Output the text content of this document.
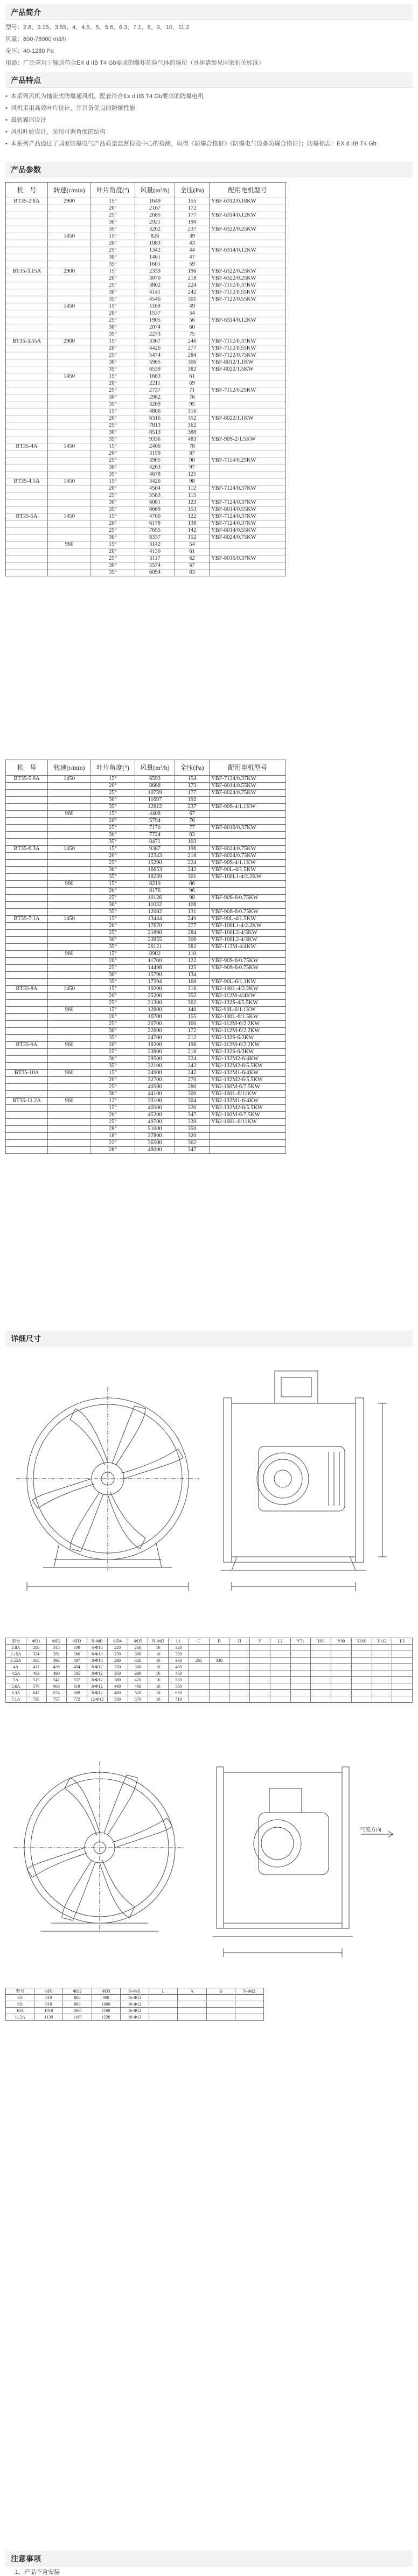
产品简介
型号：2.8、3.15、3.55、4、4.5、5、5.6、6.3、7.1、8、9、10、11.2
风量：800-78000 m3/h
全压：40-1280 Pa
用途：广泛应用于输送符合EX d IIB T4 Gb要求的爆炸危险气体的场所（具体请参见国家相关标准）
产品特点
• 本系列风机为轴流式防爆通风机，配套符合Ex d IIB T4 Gb要求的防爆电机
• 风机采用高效叶片设计，并具备优良的防爆性能
• 最新翼形设计
• 风机叶轮设计，采用可调角度的结构
• 本系列产品通过了国家防爆电气产品质量监督检验中心的检测，取得《防爆合格证》《防爆电气设备防爆合格证》；防爆标志：EX d IIB T4 Gb
产品参数
机　号	转速(r/min)	叶片角度(°)	风量(m³/h)	全压(Pa)	配用电机型号
BT35-2.8A	2900	15°	1649	155	YBF-6312/0.18KW
		20°	2167	172	
		25°	2685	177	YBF-6314/0.12KW
		30°	2921	190	
		35°	3202	237	YBF-6322/0.25KW
	1450	15°	826	39	
		20°	1083	43	
		25°	1342	44	YBF-6314/0.12KW
		30°	1461	47	
		35°	1601	59	
BT35-3.15A	2900	15°	2339	196	YBF-6322/0.25KW
		20°	3070	218	YBF-6322/0.25KW
		25°	3802	224	YBF-7112/0.37KW
		30°	4141	242	YBF-7112/0.55KW
		35°	4546	301	YBF-7122/0.55KW
	1450	15°	1169	49	
		20°	1537	54	
		25°	1905	56	YBF-6314/0.12KW
		30°	2074	60	
		35°	2273	75	
BT35-3.55A	2900	15°	3367	246	YBF-7112/0.37KW
		20°	4426	277	YBF-7112/0.55KW
		25°	5474	284	YBF-7122/0.75KW
		30°	5965	306	YBF-8012/1.1KW
		35°	6539	382	YBF-8022/1.5KW
	1450	15°	1683	61	
		20°	2211	69	
		25°	2737	71	YBF-7112/0.25KW
		30°	2982	76	
		35°	3269	95	
		15°	4806	316	
		20°	6316	352	YBF-8022/1.1KW
		25°	7813	362	
		30°	8513	388	
		35°	9336	483	YBF-90S-2/1.5KW
BT35-4A	1450	15°	2406	78	
		20°	3159	87	
		25°	3905	90	YBF-7114/0.25KW
		30°	4263	97	
		35°	4678	121	
BT35-4.5A	1450	15°	3426	98	
		20°	4504	112	YBF-7124/0.37KW
		25°	5583	115	
		30°	6081	123	YBF-7124/0.37KW
		35°	6669	153	YBF-8014/0.55KW
BT35-5A	1450	15°	4700	122	YBF-7124/0.37KW
		20°	6178	138	YBF-7124/0.37KW
		25°	7655	142	YBF-8014/0.55KW
		30°	8337	152	YBF-8024/0.75KW
	960	15°	3142	54	
		20°	4130	61	
		25°	5117	62	YBF-8016/0.37KW
		30°	5574	67	
		35°	6094	83	
机　号	转速(r/min)	叶片角度(°)	风量(m³/h)	全压(Pa)	配用电机型号
BT35-5.6A	1450	15°	6593	154	YBF-7124/0.37KW
		20°	8668	173	YBF-8014/0.55KW
		25°	10739	177	YBF-8024/0.75KW
		30°	11697	192	
		35°	12812	237	YBF-90S-4/1.1KW
	960	15°	4408	67	
		20°	5794	76	
		25°	7170	77	YBF-8016/0.37KW
		30°	7724	83	
		35°	8471	103	
BT35-6.3A	1450	15°	9387	196	YBF-8024/0.75KW
		20°	12343	218	YBF-8024/0.75KW
		25°	15290	224	YBF-90S-4/1.1KW
		30°	16653	242	YBF-90L-4/1.5KW
		35°	18239	301	YBF-100L1-4/2.2KW
	960	15°	6219	86	
		20°	8176	96	
		25°	10126	98	YBF-90S-6/0.75KW
		30°	11032	106	
		35°	12082	131	YBF-90S-6/0.75KW
BT35-7.1A	1450	15°	13444	249	YBF-90L-4/1.5KW
		20°	17670	277	YBF-100L1-4/2.2KW
		25°	21890	284	YBF-100L2-4/3KW
		30°	23855	306	YBF-100L2-4/3KW
		35°	26121	382	YBF-112M-4/4KW
	960	15°	8902	110	
		20°	11700	122	YBF-90S-6/0.75KW
		25°	14498	125	YBF-90S-6/0.75KW
		30°	15790	134	
		35°	17294	168	YBF-90L-6/1.1KW
BT35-8A	1450	15°	19200	316	YB2-100L-4/2.2KW
		20°	25200	352	YB2-112M-4/4KW
		25°	31300	362	YB2-132S-4/5.5KW
	960	15°	12800	140	YB2-90L-6/1.1KW
		20°	16700	155	YB2-100L-6/1.5KW
		25°	20700	160	YB2-112M-6/2.2KW
		30°	22600	172	YB2-112M-6/2.2KW
		35°	24700	212	YB2-132S-6/3KW
BT35-9A	960	20°	18200	196	YB2-112M-6/2.2KW
		25°	23800	218	YB2-132S-6/3KW
		30°	29500	224	YB2-132M2-6/4KW
		35°	32100	242	YB2-132M2-6/5.5KW
BT35-10A	960	15°	24900	242	YB2-132M1-6/4KW
		20°	32700	270	YB2-132M2-6/5.5KW
		25°	40500	280	YB2-160M-6/7.5KW
		30°	44100	300	YB2-160L-6/11KW
BT35-11.2A	960	12°	33100	304	YB2-132M1-6/4KW
		15°	40500	320	YB2-132M2-6/5.5KW
		20°	45200	347	YB2-160M-6/7.5KW
		25°	49700	339	YB2-160L-6/11KW
		28°	51000	350	
		18°	27800	320	
		22°	36500	362	
		28°	48000	347	
详细尺寸
型号	ΦD1	ΦD2	ΦD3	N-Φd1	ΦD4	ΦD5	N-Φd2	L1	C	B	H	Y	L2	Y71	Y80	Y90	Y100	Y112	L3
2.8A	288	315	330	4-Φ10	220	260	16	320											
3.15A	324	351	366	6-Φ10	250	300	16	320											
3.55A	365	392	407	8-Φ10	280	320	16	360	265	330									
4A	412	439	454	8-Φ12	320	360	16	400											
4.5A	463	490	505	8-Φ12	350	390	16	450											
5A	515	542	557	8-Φ12	380	420	16	500											
5.6A	576	603	618	8-Φ12	440	480	16	560											
6.3A	647	674	689	8-Φ12	480	520	16	630											
7.1A	730	757	772	12-Φ12	530	570	16	710											
气流方向
型号	ΦD1	ΦD2	ΦD3	N-Φd1	L	A	B	N-Φd2
8A	810	860	900	16-Φ12				
9A	910	960	1000	16-Φ12				
10A	1010	1060	1100	16-Φ12				
11.2A	1130	1180	1220	16-Φ12				
注意事项
1、产品不含安装
